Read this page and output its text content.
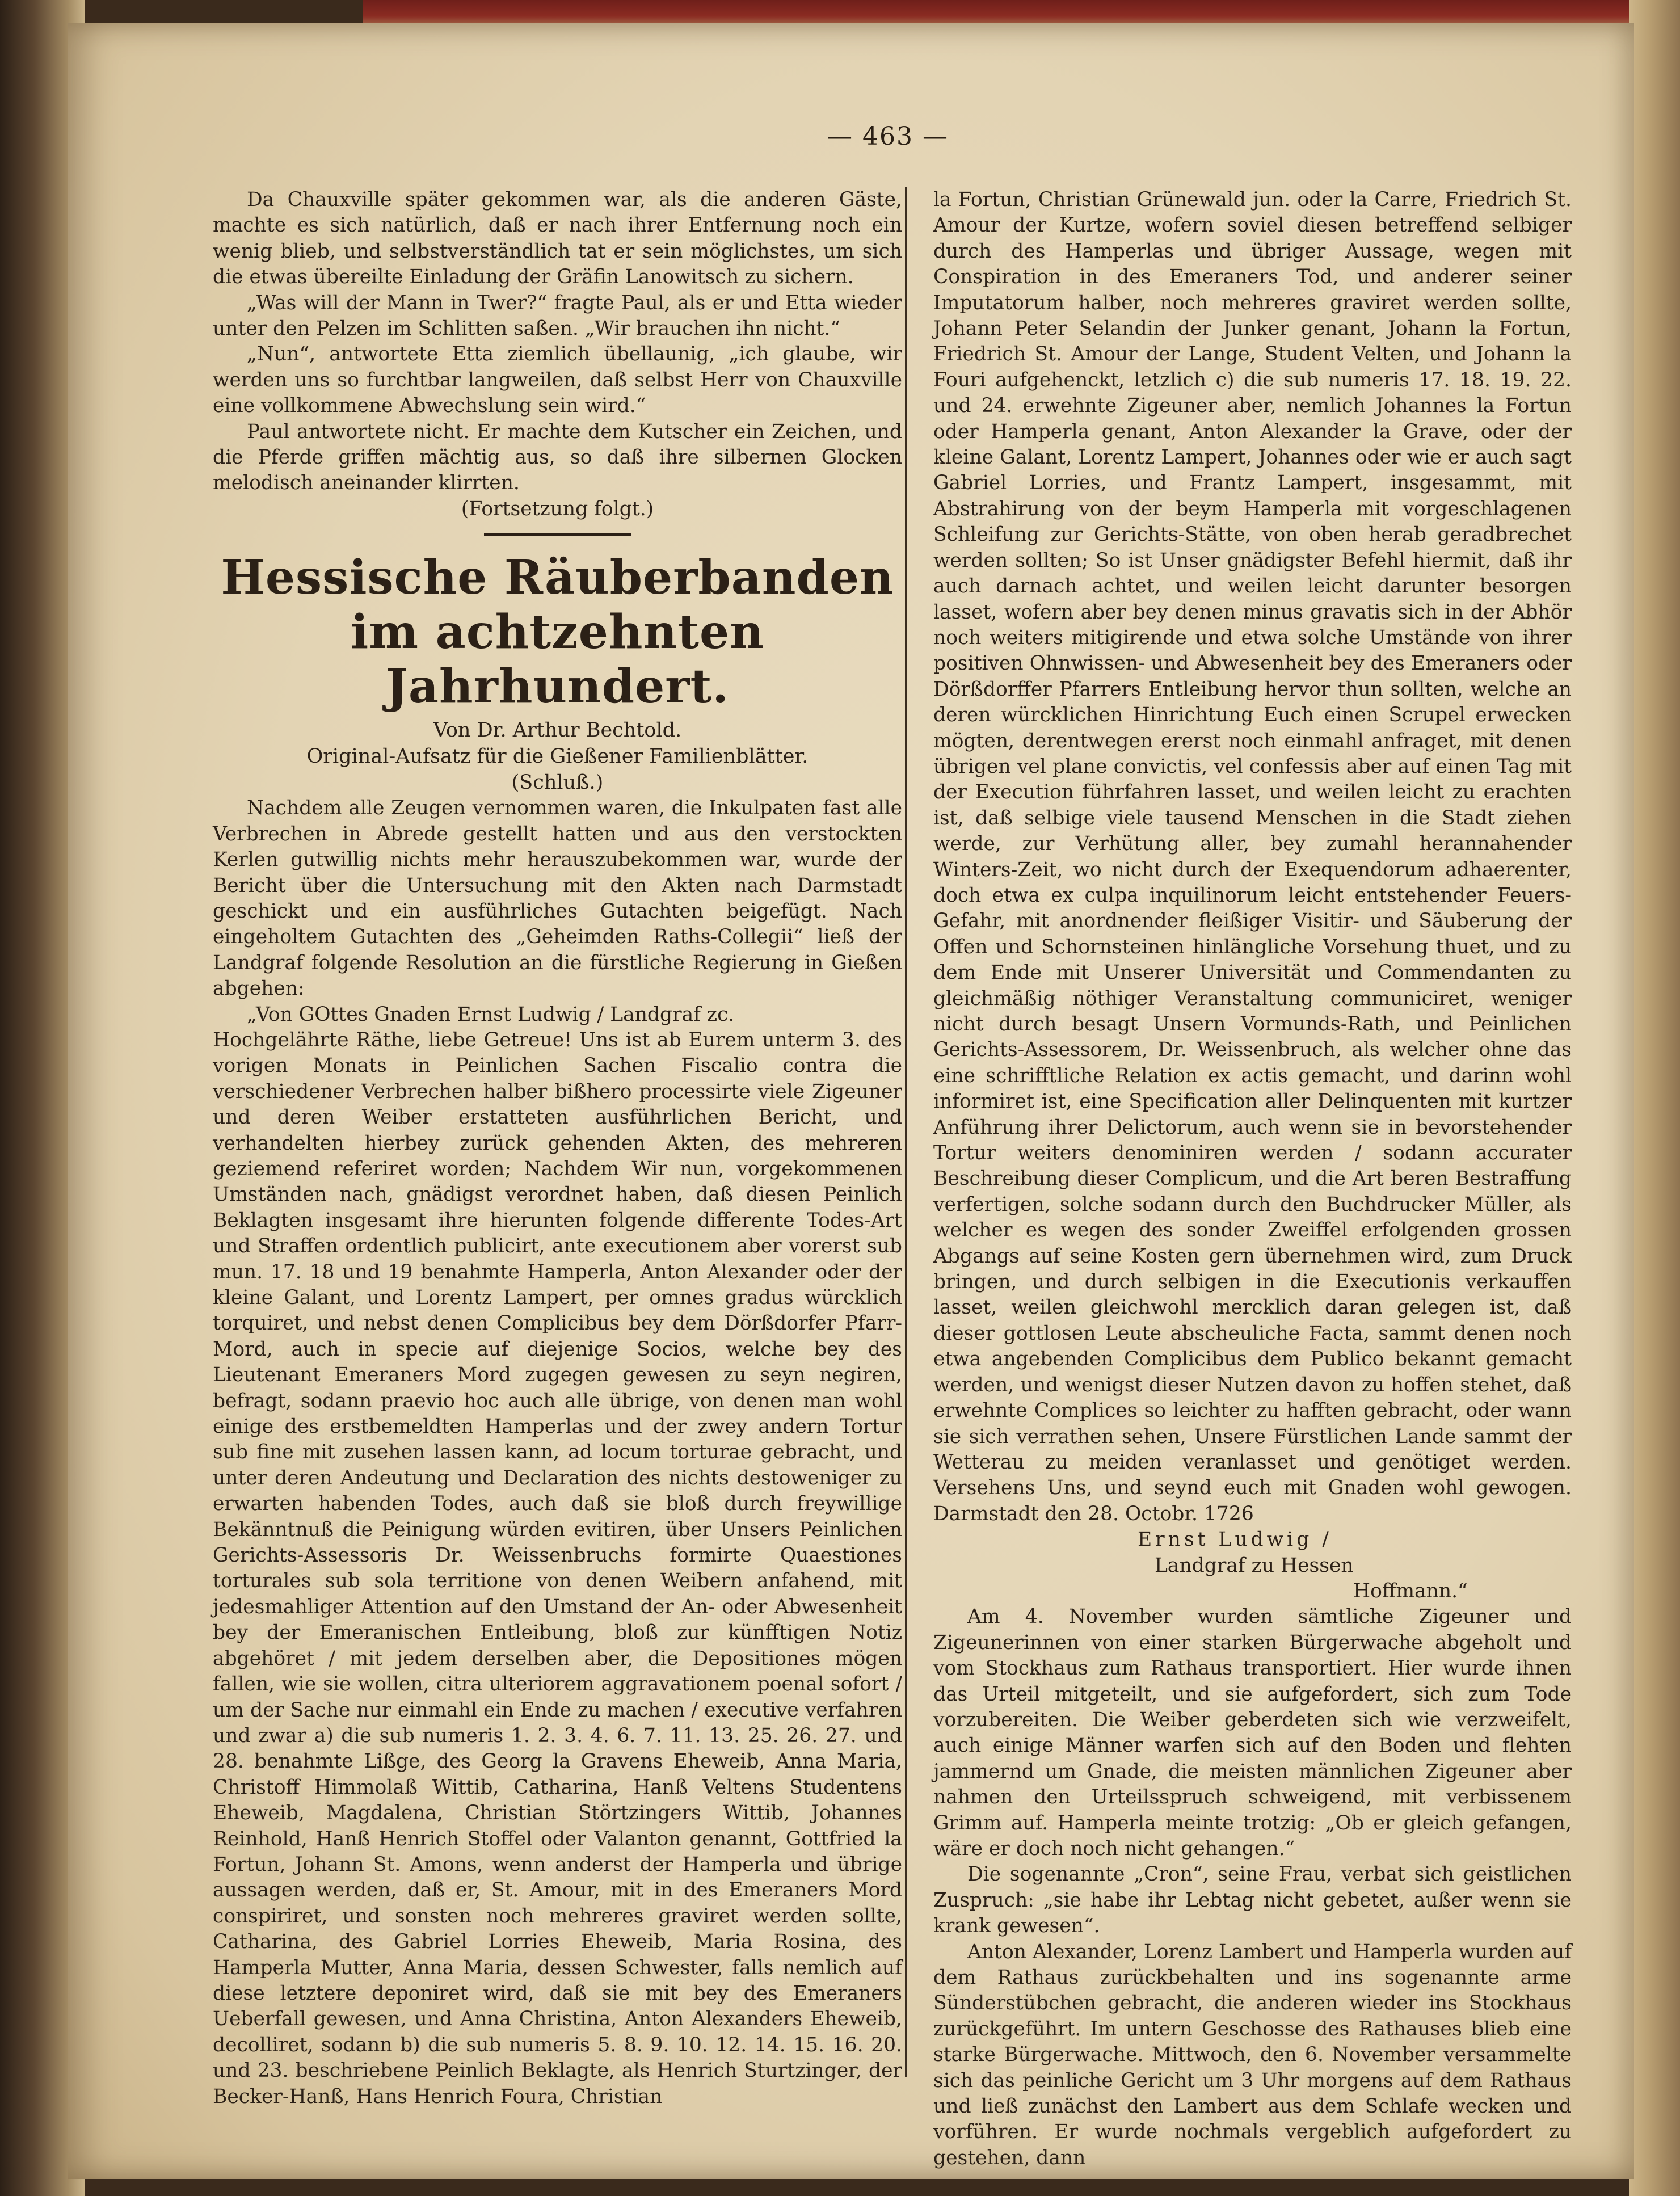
— 463 —

Da Chauxville später gekommen war, als die anderen Gäste, machte es sich natürlich, daß er nach ihrer Entfernung noch ein wenig blieb, und selbstverständlich tat er sein möglichstes, um sich die etwas übereilte Einladung der Gräfin Lanowitsch zu sichern.

„Was will der Mann in Twer?“ fragte Paul, als er und Etta wieder unter den Pelzen im Schlitten saßen. „Wir brauchen ihn nicht.“

„Nun“, antwortete Etta ziemlich übellaunig, „ich glaube, wir werden uns so furchtbar langweilen, daß selbst Herr von Chauxville eine vollkommene Abwechslung sein wird.“

Paul antwortete nicht. Er machte dem Kutscher ein Zeichen, und die Pferde griffen mächtig aus, so daß ihre silbernen Glocken melodisch aneinander klirrten.

(Fortsetzung folgt.)

Hessische Räuberbanden
im achtzehnten Jahrhundert.
Von Dr. Arthur Bechtold.
Original-Aufsatz für die Gießener Familienblätter.
(Schluß.)

Nachdem alle Zeugen vernommen waren, die Inkulpaten fast alle Verbrechen in Abrede gestellt hatten und aus den verstockten Kerlen gutwillig nichts mehr herauszubekommen war, wurde der Bericht über die Untersuchung mit den Akten nach Darmstadt geschickt und ein ausführliches Gutachten beigefügt. Nach eingeholtem Gutachten des „Geheimden Raths-Collegii“ ließ der Landgraf folgende Resolution an die fürstliche Regierung in Gießen abgehen:

„Von GOttes Gnaden Ernst Ludwig / Landgraf zc.

Hochgelährte Räthe, liebe Getreue! Uns ist ab Eurem unterm 3. des vorigen Monats in Peinlichen Sachen Fiscalio contra die verschiedener Verbrechen halber bißhero processirte viele Zigeuner und deren Weiber erstatteten ausführlichen Bericht, und verhandelten hierbey zurück gehenden Akten, des mehreren geziemend referiret worden; Nachdem Wir nun, vorgekommenen Umständen nach, gnädigst verordnet haben, daß diesen Peinlich Beklagten insgesamt ihre hierunten folgende differente Todes-Art und Straffen ordentlich publicirt, ante executionem aber vorerst sub mun. 17. 18 und 19 benahmte Hamperla, Anton Alexander oder der kleine Galant, und Lorentz Lampert, per omnes gradus würcklich torquiret, und nebst denen Complicibus bey dem Dörßdorfer Pfarr-Mord, auch in specie auf diejenige Socios, welche bey des Lieutenant Emeraners Mord zugegen gewesen zu seyn negiren, befragt, sodann praevio hoc auch alle übrige, von denen man wohl einige des erstbemeldten Hamperlas und der zwey andern Tortur sub fine mit zusehen lassen kann, ad locum torturae gebracht, und unter deren Andeutung und Declaration des nichts destoweniger zu erwarten habenden Todes, auch daß sie bloß durch freywillige Bekänntnuß die Peinigung würden evitiren, über Unsers Peinlichen Gerichts-Assessoris Dr. Weissenbruchs formirte Quaestiones torturales sub sola territione von denen Weibern anfahend, mit jedesmahliger Attention auf den Umstand der An- oder Abwesenheit bey der Emeranischen Entleibung, bloß zur künfftigen Notiz abgehöret / mit jedem derselben aber, die Depositiones mögen fallen, wie sie wollen, citra ulteriorem aggravationem poenal sofort / um der Sache nur einmahl ein Ende zu machen / executive verfahren und zwar a) die sub numeris 1. 2. 3. 4. 6. 7. 11. 13. 25. 26. 27. und 28. benahmte Lißge, des Georg la Gravens Eheweib, Anna Maria, Christoff Himmolaß Wittib, Catharina, Hanß Veltens Studentens Eheweib, Magdalena, Christian Störtzingers Wittib, Johannes Reinhold, Hanß Henrich Stoffel oder Valanton genannt, Gottfried la Fortun, Johann St. Amons, wenn anderst der Hamperla und übrige aussagen werden, daß er, St. Amour, mit in des Emeraners Mord conspiriret, und sonsten noch mehreres graviret werden sollte, Catharina, des Gabriel Lorries Eheweib, Maria Rosina, des Hamperla Mutter, Anna Maria, dessen Schwester, falls nemlich auf diese letztere deponiret wird, daß sie mit bey des Emeraners Ueberfall gewesen, und Anna Christina, Anton Alexanders Eheweib, decolliret, sodann b) die sub numeris 5. 8. 9. 10. 12. 14. 15. 16. 20. und 23. beschriebene Peinlich Beklagte, als Henrich Sturtzinger, der Becker-Hanß, Hans Henrich Foura, Christian

la Fortun, Christian Grünewald jun. oder la Carre, Friedrich St. Amour der Kurtze, wofern soviel diesen betreffend selbiger durch des Hamperlas und übriger Aussage, wegen mit Conspiration in des Emeraners Tod, und anderer seiner Imputatorum halber, noch mehreres graviret werden sollte, Johann Peter Selandin der Junker genant, Johann la Fortun, Friedrich St. Amour der Lange, Student Velten, und Johann la Fouri aufgehenckt, letzlich c) die sub numeris 17. 18. 19. 22. und 24. erwehnte Zigeuner aber, nemlich Johannes la Fortun oder Hamperla genant, Anton Alexander la Grave, oder der kleine Galant, Lorentz Lampert, Johannes oder wie er auch sagt Gabriel Lorries, und Frantz Lampert, insgesammt, mit Abstrahirung von der beym Hamperla mit vorgeschlagenen Schleifung zur Gerichts-Stätte, von oben herab geradbrechet werden sollten; So ist Unser gnädigster Befehl hiermit, daß ihr auch darnach achtet, und weilen leicht darunter besorgen lasset, wofern aber bey denen minus gravatis sich in der Abhör noch weiters mitigirende und etwa solche Umstände von ihrer positiven Ohnwissen- und Abwesenheit bey des Emeraners oder Dörßdorffer Pfarrers Entleibung hervor thun sollten, welche an deren würcklichen Hinrichtung Euch einen Scrupel erwecken mögten, derentwegen ererst noch einmahl anfraget, mit denen übrigen vel plane convictis, vel confessis aber auf einen Tag mit der Execution führfahren lasset, und weilen leicht zu erachten ist, daß selbige viele tausend Menschen in die Stadt ziehen werde, zur Verhütung aller, bey zumahl herannahender Winters-Zeit, wo nicht durch der Exequendorum adhaerenter, doch etwa ex culpa inquilinorum leicht entstehender Feuers-Gefahr, mit anordnender fleißiger Visitir- und Säuberung der Offen und Schornsteinen hinlängliche Vorsehung thuet, und zu dem Ende mit Unserer Universität und Commendanten zu gleichmäßig nöthiger Veranstaltung communiciret, weniger nicht durch besagt Unsern Vormunds-Rath, und Peinlichen Gerichts-Assessorem, Dr. Weissenbruch, als welcher ohne das eine schrifftliche Relation ex actis gemacht, und darinn wohl informiret ist, eine Specification aller Delinquenten mit kurtzer Anführung ihrer Delictorum, auch wenn sie in bevorstehender Tortur weiters denominiren werden / sodann accurater Beschreibung dieser Complicum, und die Art beren Bestraffung verfertigen, solche sodann durch den Buchdrucker Müller, als welcher es wegen des sonder Zweiffel erfolgenden grossen Abgangs auf seine Kosten gern übernehmen wird, zum Druck bringen, und durch selbigen in die Executionis verkauffen lasset, weilen gleichwohl mercklich daran gelegen ist, daß dieser gottlosen Leute abscheuliche Facta, sammt denen noch etwa angebenden Complicibus dem Publico bekannt gemacht werden, und wenigst dieser Nutzen davon zu hoffen stehet, daß erwehnte Complices so leichter zu hafften gebracht, oder wann sie sich verrathen sehen, Unsere Fürstlichen Lande sammt der Wetterau zu meiden veranlasset und genötiget werden. Versehens Uns, und seynd euch mit Gnaden wohl gewogen. Darmstadt den 28. Octobr. 1726

Ernst Ludwig /

Landgraf zu Hessen

Hoffmann.“

Am 4. November wurden sämtliche Zigeuner und Zigeunerinnen von einer starken Bürgerwache abgeholt und vom Stockhaus zum Rathaus transportiert. Hier wurde ihnen das Urteil mitgeteilt, und sie aufgefordert, sich zum Tode vorzubereiten. Die Weiber geberdeten sich wie verzweifelt, auch einige Männer warfen sich auf den Boden und flehten jammernd um Gnade, die meisten männlichen Zigeuner aber nahmen den Urteilsspruch schweigend, mit verbissenem Grimm auf. Hamperla meinte trotzig: „Ob er gleich gefangen, wäre er doch noch nicht gehangen.“

Die sogenannte „Cron“, seine Frau, verbat sich geistlichen Zuspruch: „sie habe ihr Lebtag nicht gebetet, außer wenn sie krank gewesen“.

Anton Alexander, Lorenz Lambert und Hamperla wurden auf dem Rathaus zurückbehalten und ins sogenannte arme Sünderstübchen gebracht, die anderen wieder ins Stockhaus zurückgeführt. Im untern Geschosse des Rathauses blieb eine starke Bürgerwache. Mittwoch, den 6. November versammelte sich das peinliche Gericht um 3 Uhr morgens auf dem Rathaus und ließ zunächst den Lambert aus dem Schlafe wecken und vorführen. Er wurde nochmals vergeblich aufgefordert zu gestehen, dann
